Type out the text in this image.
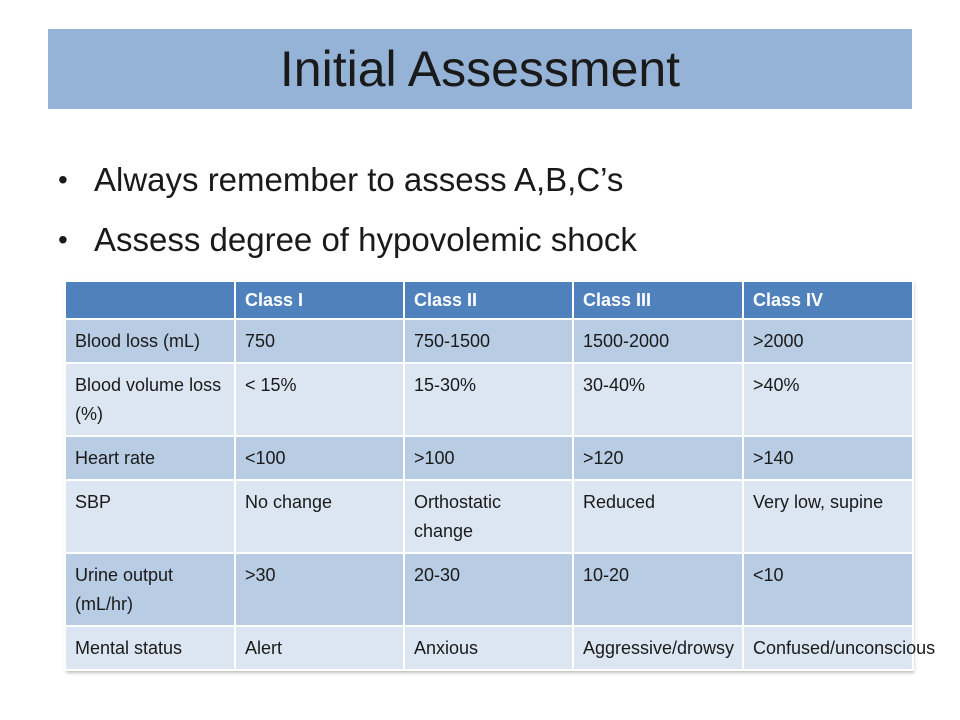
Initial Assessment
• Always remember to assess A,B,C’s
• Assess degree of hypovolemic shock
	Class I	Class II	Class III	Class IV
Blood loss (mL)	750	750-1500	1500-2000	>2000
Blood volume loss (%)	< 15%	15-30%	30-40%	>40%
Heart rate	<100	>100	>120	>140
SBP	No change	Orthostatic change	Reduced	Very low, supine
Urine output (mL/hr)	>30	20-30	10-20	<10
Mental status	Alert	Anxious	Aggressive/drowsy	Confused/unconscious
